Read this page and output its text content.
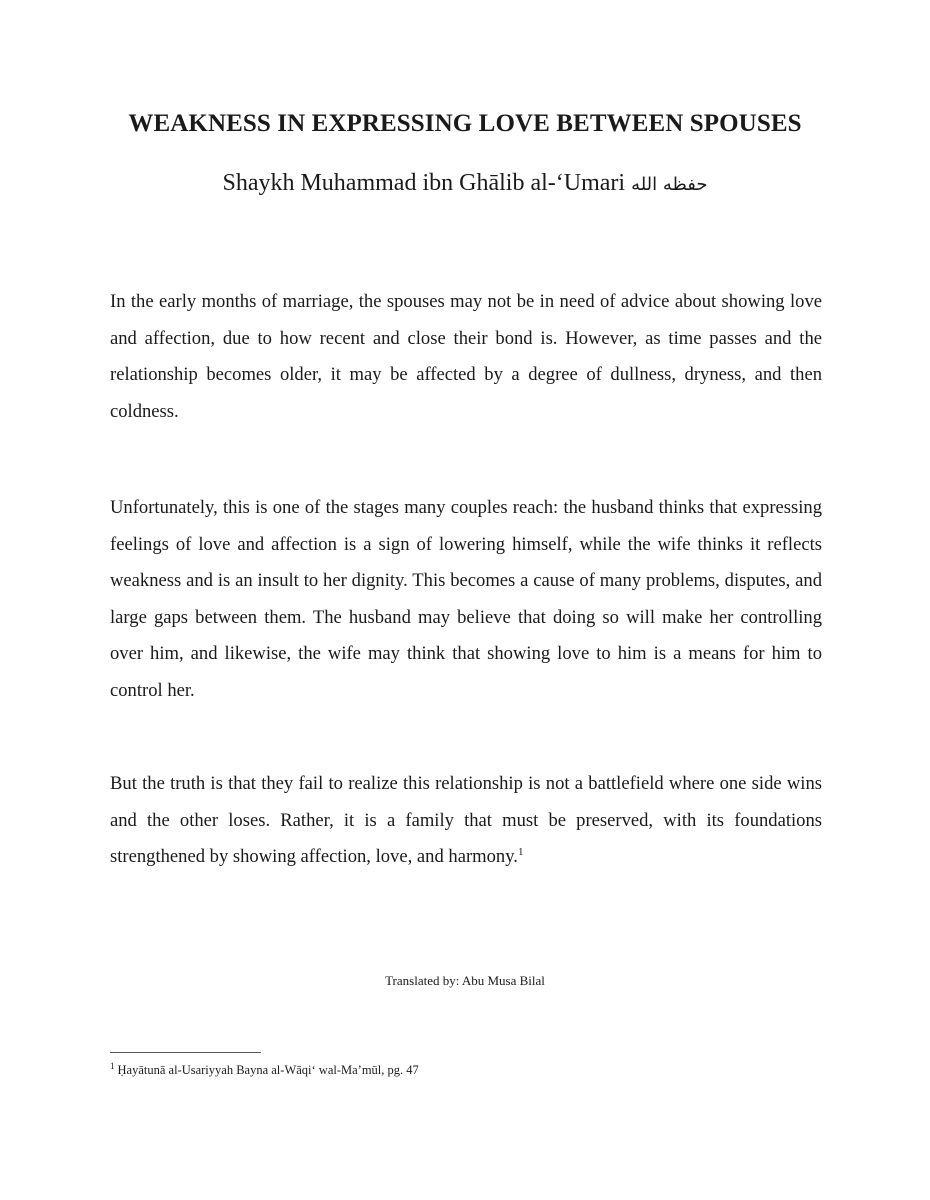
WEAKNESS IN EXPRESSING LOVE BETWEEN SPOUSES

Shaykh Muhammad ibn Ghālib al-‘Umari حفظه الله

In the early months of marriage, the spouses may not be in need of advice about showing love and affection, due to how recent and close their bond is. However, as time passes and the relationship becomes older, it may be affected by a degree of dullness, dryness, and then coldness.

Unfortunately, this is one of the stages many couples reach: the husband thinks that expressing feelings of love and affection is a sign of lowering himself, while the wife thinks it reflects weakness and is an insult to her dignity. This becomes a cause of many problems, disputes, and large gaps between them. The husband may believe that doing so will make her controlling over him, and likewise, the wife may think that showing love to him is a means for him to control her.

But the truth is that they fail to realize this relationship is not a battlefield where one side wins and the other loses. Rather, it is a family that must be preserved, with its foundations strengthened by showing affection, love, and harmony.$^1$

Translated by: Abu Musa Bilal

$^1$ Ḥayātunā al-Usariyyah Bayna al-Wāqi‘ wal-Ma’mūl, pg. 47
